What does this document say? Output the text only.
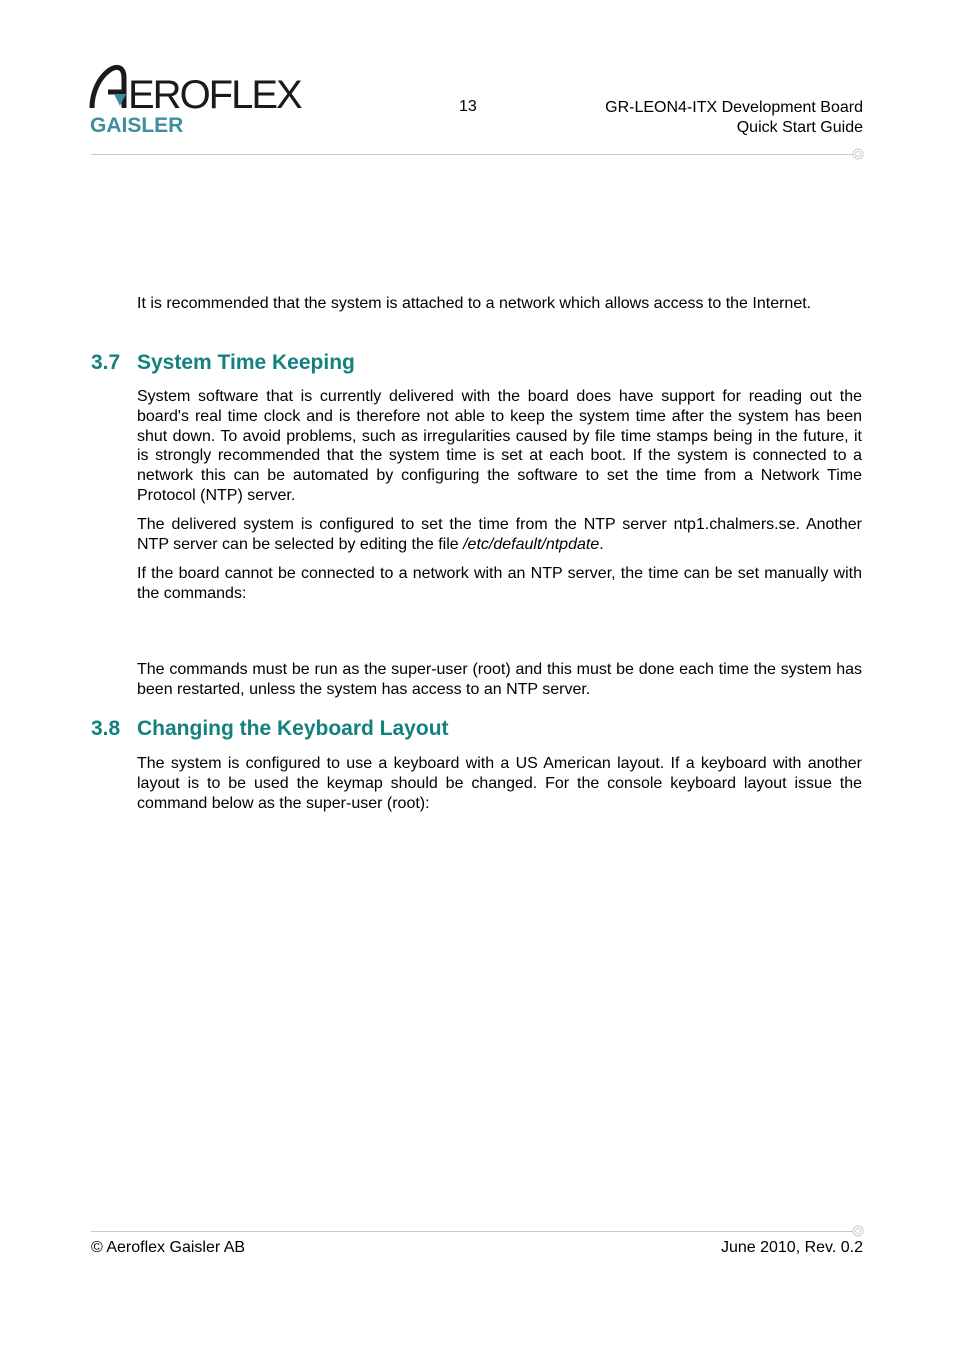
EROFLEX
GAISLER
13	GR-LEON4-ITX Development Board
Quick Start Guide

It is recommended that the system is attached to a network which allows access to the Internet.

3.7 System Time Keeping

System software that is currently delivered with the board does have support for reading out the board's real time clock and is therefore not able to keep the system time after the system has been shut down. To avoid problems, such as irregularities caused by file time stamps being in the future, it is strongly recommended that the system time is set at each boot. If the system is connected to a network this can be automated by configuring the software to set the time from a Network Time Protocol (NTP) server.

The delivered system is configured to set the time from the NTP server ntp1.chalmers.se. Another NTP server can be selected by editing the file /etc/default/ntpdate.

If the board cannot be connected to a network with an NTP server, the time can be set manually with the commands:

The commands must be run as the super-user (root) and this must be done each time the system has been restarted, unless the system has access to an NTP server.

3.8 Changing the Keyboard Layout

The system is configured to use a keyboard with a US American layout. If a keyboard with another layout is to be used the keymap should be changed. For the console keyboard layout issue the command below as the super-user (root):

© Aeroflex Gaisler AB	June 2010, Rev. 0.2
